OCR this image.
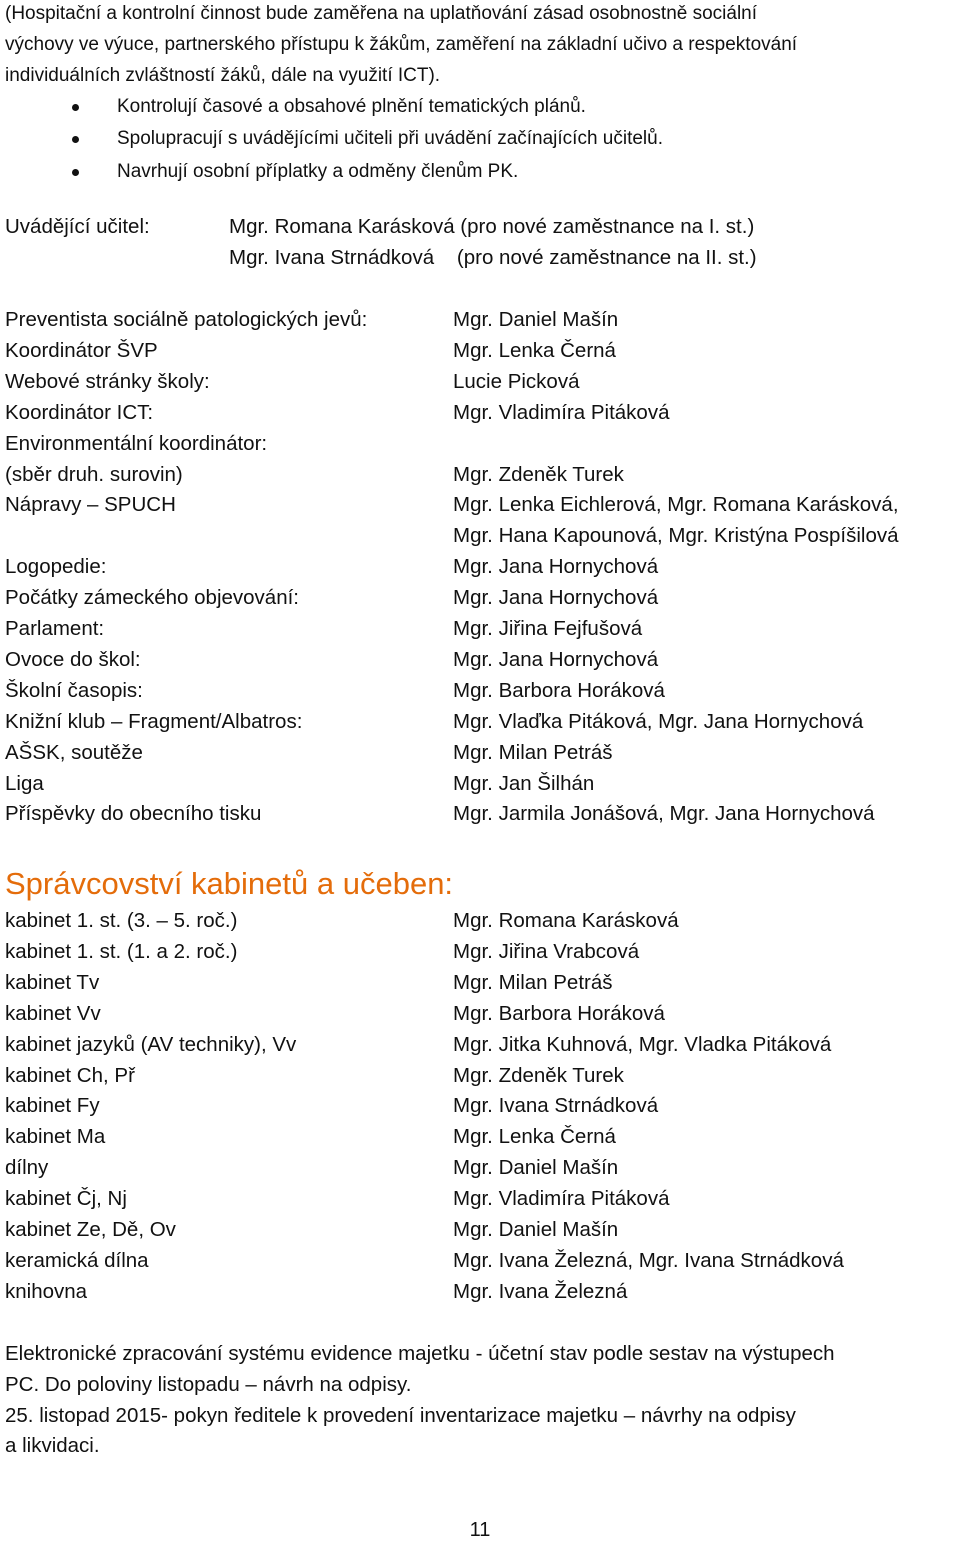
(Hospitační a kontrolní činnost bude zaměřena na uplatňování zásad osobnostně sociální
výchovy ve výuce, partnerského přístupu k žákům, zaměření na základní učivo a respektování
individuálních zvláštností žáků, dále na využití ICT).
Kontrolují časové a obsahové plnění tematických plánů.
Spolupracují s uvádějícími učiteli při uvádění začínajících učitelů.
Navrhují osobní příplatky a odměny členům PK.
Uvádějící učitel:	Mgr. Romana Karásková (pro nové zaměstnance na I. st.)
Mgr. Ivana Strnádková    (pro nové zaměstnance na II. st.)
Preventista sociálně patologických jevů:	Mgr. Daniel Mašín
Koordinátor ŠVP	Mgr. Lenka Černá
Webové stránky školy:	Lucie Picková
Koordinátor ICT:	Mgr. Vladimíra Pitáková
Environmentální koordinátor:
(sběr druh. surovin)	Mgr. Zdeněk Turek
Nápravy – SPUCH	Mgr. Lenka Eichlerová, Mgr. Romana Karásková,
Mgr. Hana Kapounová, Mgr. Kristýna Pospíšilová
Logopedie:	Mgr. Jana Hornychová
Počátky zámeckého objevování:	Mgr. Jana Hornychová
Parlament:	Mgr. Jiřina Fejfušová
Ovoce do škol:	Mgr. Jana Hornychová
Školní časopis:	Mgr. Barbora Horáková
Knižní klub – Fragment/Albatros:	Mgr. Vlaďka Pitáková, Mgr. Jana Hornychová
AŠSK, soutěže	Mgr. Milan Petráš
Liga	Mgr. Jan Šilhán
Příspěvky do obecního tisku	Mgr. Jarmila Jonášová, Mgr. Jana Hornychová
Správcovství kabinetů a učeben:
kabinet 1. st. (3. – 5. roč.)	Mgr. Romana Karásková
kabinet 1. st. (1. a 2. roč.)	Mgr. Jiřina Vrabcová
kabinet Tv	Mgr. Milan Petráš
kabinet Vv	Mgr. Barbora Horáková
kabinet jazyků (AV techniky), Vv	Mgr. Jitka Kuhnová, Mgr. Vladka Pitáková
kabinet Ch, Př	Mgr. Zdeněk Turek
kabinet Fy	Mgr. Ivana Strnádková
kabinet Ma	Mgr. Lenka Černá
dílny	Mgr. Daniel Mašín
kabinet Čj, Nj	Mgr. Vladimíra Pitáková
kabinet Ze, Dě, Ov	Mgr. Daniel Mašín
keramická dílna	Mgr. Ivana Železná, Mgr. Ivana Strnádková
knihovna	Mgr. Ivana Železná
Elektronické zpracování systému evidence majetku - účetní stav podle sestav na výstupech
PC. Do poloviny listopadu – návrh na odpisy.
25. listopad 2015- pokyn ředitele k provedení inventarizace majetku – návrhy na odpisy
a likvidaci.
11
